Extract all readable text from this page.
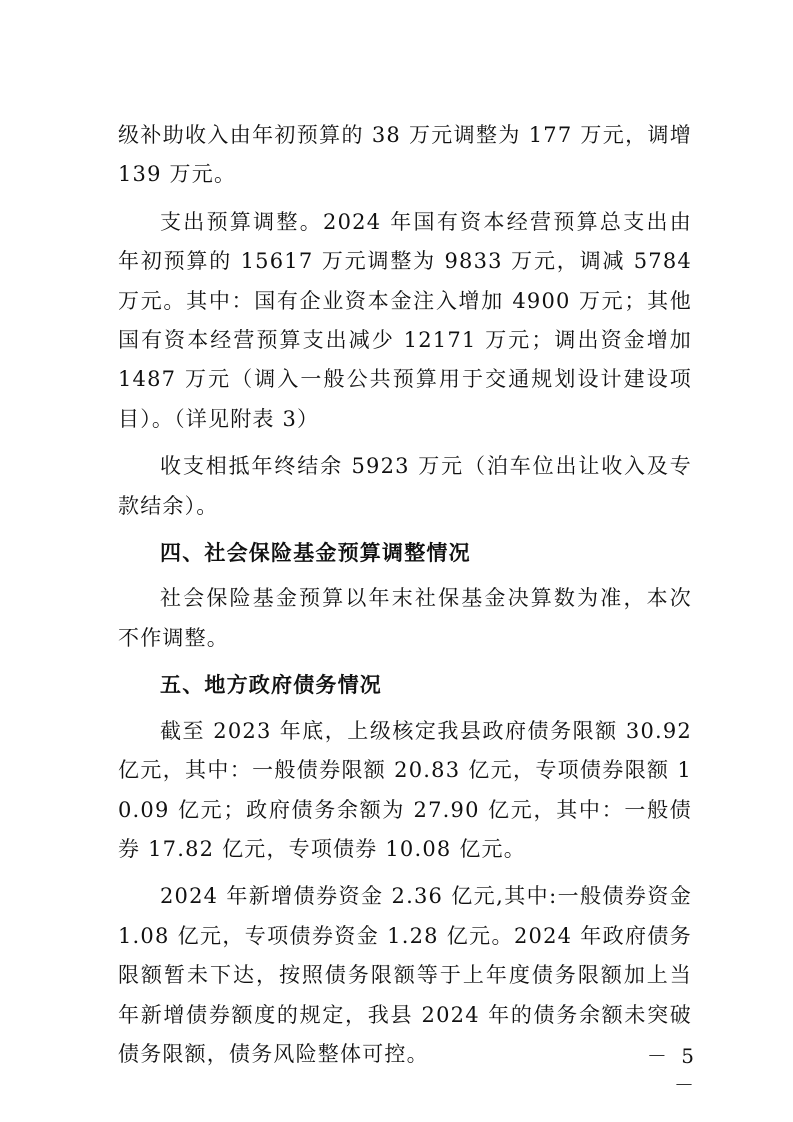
级补助收入由年初预算的 38 万元调整为 177 万元，调增 139 万元。

支出预算调整。2024 年国有资本经营预算总支出由年初预算的 15617 万元调整为 9833 万元，调减 5784 万元。其中：国有企业资本金注入增加 4900 万元；其他国有资本经营预算支出减少 12171 万元；调出资金增加 1487 万元（调入一般公共预算用于交通规划设计建设项目）。（详见附表 3）

收支相抵年终结余 5923 万元（泊车位出让收入及专款结余）。

四、社会保险基金预算调整情况

社会保险基金预算以年末社保基金决算数为准，本次不作调整。

五、地方政府债务情况

截至 2023 年底，上级核定我县政府债务限额 30.92 亿元，其中：一般债券限额 20.83 亿元，专项债券限额 10.09 亿元；政府债务余额为 27.90 亿元，其中：一般债券 17.82 亿元，专项债券 10.08 亿元。

2024 年新增债券资金 2.36 亿元,其中:一般债券资金 1.08 亿元，专项债券资金 1.28 亿元。2024 年政府债务限额暂未下达，按照债务限额等于上年度债务限额加上当年新增债券额度的规定，我县 2024 年的债务余额未突破债务限额，债务风险整体可控。	－ 5 －
